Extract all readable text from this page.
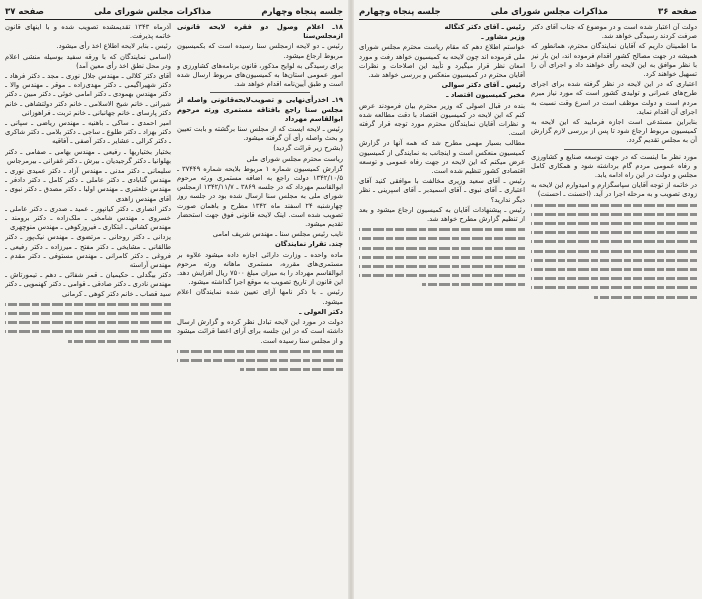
جلسه پنجاه وچهارم
مذاکرات مجلس شورای ملی
صفحه ۳۷

۱۸ـ اعلام وصول دو فقره لایحه قانونی ازمجلس‌سنا

رئیس ـ دو لایحه ازمجلس سنا رسیده است که بکمیسیون مربوط ارجاع میشود.

برای رسیدگی به لوایح مذکور، قانون برنامه‌های کشاورزی و امور عمومی استان‌ها به کمیسیون‌های مربوط ارسال شده است و طبق آیین‌نامه اقدام خواهد شد.

۱۹ـ اخذرأی‌نهایی و تصویب‌لایحه‌قانونی واصله از مجلس سنا راجع بافتاقه مستمری ورثه مرحوم ابوالقاسم مهرداد

رئیس ـ لایحه ایست که از مجلس سنا برگشته و بابت تعیین و بحث واصله رأی آن گرفته میشود.

(بشرح زیر قرائت گردید)

ریاست محترم مجلس شورای ملی

گزارش کمیسیون شماره ۱ مربوط بلایحه شماره ۳۷۴۴۹ ـ ۱۳۴۲/۱۰/۵ دولت راجع به اضافه مستمری ورثه مرحوم ابوالقاسم مهرداد که در جلسه ۳۸۶۹ ـ ۱۳۴۲/۱۱/۷ ازمجلس شورای ملی به مجلس سنا ارسال شده بود در جلسه روز چهارشنبه ۲۴ اسفند ماه ۱۳۴۲ مطرح و باهمان صورت تصویب شده است. اینک لایحه قانونی فوق جهت استحضار تقدیم میشود.

نایب رئیس مجلس سنا ـ مهندس شریف امامی

چند. تقرار نمایندگان

ماده واحده ـ وزارت دارائی اجازه داده میشود علاوه بر مستمری‌های مقرره، مستمری ماهانه ورثه مرحوم ابوالقاسم مهرداد را به میزان مبلغ ۷۵۰۰ ریال افزایش دهد. این قانون از تاریخ تصویب به موقع اجرا گذاشته میشود.

رئیس ـ با ذکر نامها آرای تعیین شده نمایندگان اعلام میشود.

دکتر العولی ـ

دولت در مورد این لایحه تبادل نظر کرده و گزارش ارسال داشته است که در این جلسه برای آرای اعضا قرائت میشود و از مجلس سنا رسیده است.

آذرماه ۱۳۴۳ تقدیمشده تصویب شده و با اینهای قانون خاتمه پذیرفت.

رئیس ـ بنابر لایحه اطلاع اخذ رأی میشود.

(اسامی نمایندگان که با ورقه سفید بوسیله منشی اعلام ودر محل نطق اخذ رأی معین آمد)

آقای دکتر کلالی ـ مهندس جلال نوری ـ مجد ـ دکتر فرهاد ـ دکتر شهیراگیمی ـ دکتر مهدی‌زاده ـ موقر ـ مهندس والا ـ دکتر مهندس بهمودی ـ دکتر امامی خوئی ـ دکتر مبین ـ دکتر شیرانی ـ خانم شیخ الاسلامی ـ خانم دکتر دولتشاهی ـ خانم دکتر پارسای ـ خانم جهانبانی ـ خانم تربت ـ فراهوزانی

امیر احمدی ـ ساکی ـ باهنیه ـ مهندس ریاضی ـ سپانی ـ دکتر بهزاد ـ دکتر طلوع ـ ساجی ـ دکتر بلامی ـ دکتر شاکری ـ دکتر کرالی ـ عشایر ـ دکتر آصفی ـ آفاقیه

بختیار بختیاریها ـ رفیعی ـ مهندس بهامی ـ صفامی ـ دکتر بهلوانیا ـ دکتر گرجیدیان ـ بیرش ـ دکتر غفرانی ـ بیرمرجاس

سلیمانی ـ دکتر مدنی ـ مهندس آزاد ـ دکتر عمیدی نوری ـ مهندس گنابادی ـ دکتر عاملی ـ دکتر کامل ـ دکتر دادفر ـ مهندس خلعتبری ـ مهندس اولیا ـ دکتر مصدق ـ دکتر نبوی ـ آقای مهندس زاهدی

دکتر انصاری ـ دکتر کیانپور ـ عمید ـ صدری ـ دکتر عاملی ـ خسروی ـ مهندس شامخی ـ ملک‌زاده ـ دکتر برومند ـ مهندس کشانی ـ ابتکاری ـ فیروزکوهی ـ مهندس منوچهری

یزدانی ـ دکتر روحانی ـ مرتضوی ـ مهندس نیک‌پور ـ دکتر طالقانی ـ مشایخی ـ دکتر مفتح ـ میرزاده ـ دکتر رفیعی ـ فروغی ـ دکتر کامرانی ـ مهندس مستوفی ـ دکتر مقدم ـ مهندس آراسته

دکتر بیگدلی ـ حکیمیان ـ قمر شفائی ـ دهم ـ تیمورتاش ـ مهندس نادری ـ دکتر صادقی ـ قوامی ـ دکتر کهنمویی ـ دکتر سید قصاب ـ خانم دکتر کوهی ـ کرمانی

صفحه ۳۶
مذاکرات مجلس شورای ملی
جلسه پنجاه وچهارم

دولت آن اعتبار شده است و در موضوع که جناب آقای دکتر صرفت کردند رسیدگی خواهد شد.

ما اطمینان داریم که آقایان نمایندگان محترم، همانطور که همیشه در جهت مصالح کشور اقدام فرموده اند، این بار نیز با نظر موافق به این لایحه رأی خواهند داد و اجرای آن را تسهیل خواهند کرد.

اعتباری که در این لایحه در نظر گرفته شده برای اجرای طرح‌های عمرانی و تولیدی کشور است که مورد نیاز مبرم مردم است و دولت موظف است در اسرع وقت نسبت به اجرای آن اقدام نماید.

بنابراین مستدعی است اجازه فرمایید که این لایحه به کمیسیون مربوط ارجاع شود تا پس از بررسی لازم گزارش آن به مجلس تقدیم گردد.

مورد نظر ما اینست که در جهت توسعه صنایع و کشاورزی و رفاه عمومی مردم گام برداشته شود و همکاری کامل مجلس و دولت در این راه ادامه یابد.

در خاتمه از توجه آقایان سپاسگزارم و امیدوارم این لایحه به زودی تصویب و به مرحله اجرا در آید. (احسنت ـ احسنت)

رئیس ـ آقای دکتر کنگاله

وزیر مشاور ـ

خواستم اطلاع دهم که مقام ریاست محترم مجلس شورای ملی قرموده اند چون لایحه به کمیسیون خواهد رفت و مورد امعان نظر قرار میگیرد و تأیید این اصلاحات و نظرات آقایان محترم در کمیسیون منعکس و بررسی خواهد شد.

رئیس ـ آقای دکتر سوالی

مخبر کمیسیون اقتصاد ـ

بنده در قبال اصولی که وزیر محترم بیان فرمودند عرض کنم که این لایحه در کمیسیون اقتصاد با دقت مطالعه شده و نظرات آقایان نمایندگان محترم مورد توجه قرار گرفته است.

مطالب بسیار مهمی مطرح شد که همه آنها در گزارش کمیسیون منعکس است و اینجانب به نمایندگی از کمیسیون عرض میکنم که این لایحه در جهت رفاه عمومی و توسعه اقتصادی کشور تنظیم شده است.

رئیس ـ آقای سعید وزیری مخالفت با موافقی کنید آقای اعتباری ـ آقای نبوی ـ آقای اسمیدبر ـ آقای اسپرینی ـ نظر دیگر ندارید؟

رئیس ـ پیشنهادات آقایان به کمیسیون ارجاع میشود و بعد از تنظیم گزارش مطرح خواهد شد.
